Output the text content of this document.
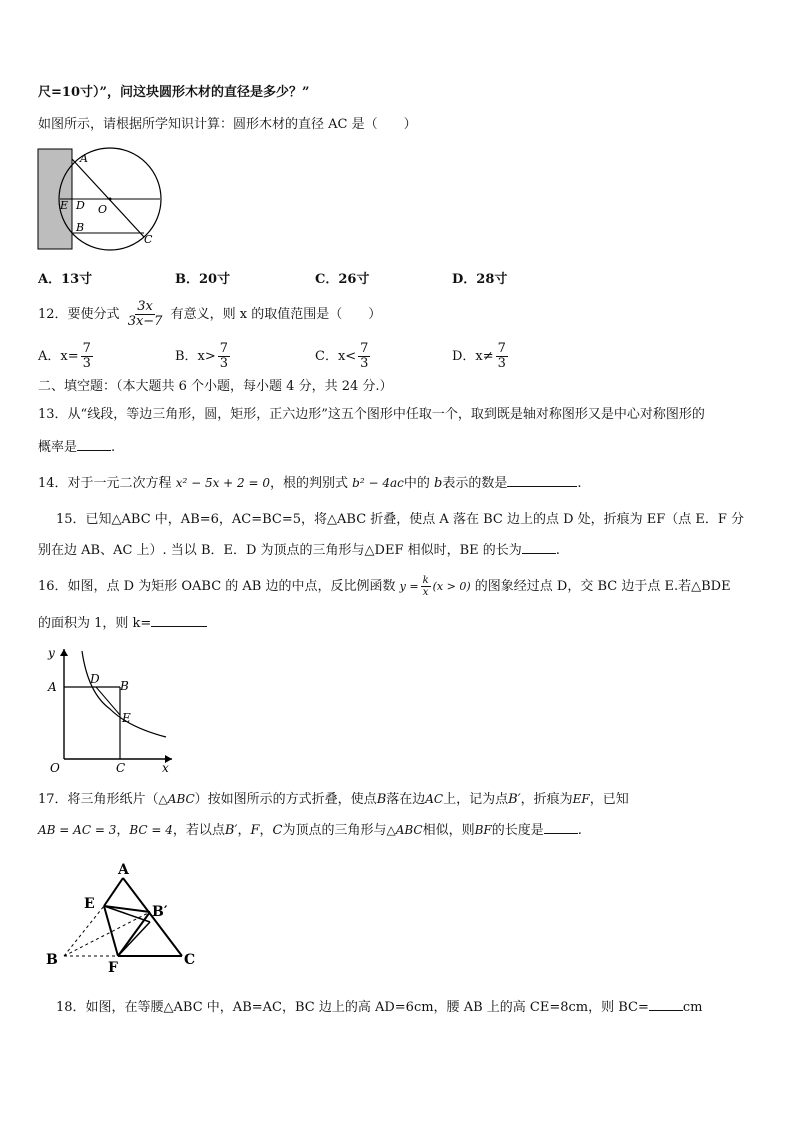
尺=10寸）”，问这块圆形木材的直径是多少？”
如图所示，请根据所学知识计算：圆形木材的直径 AC 是（　　）
A
E D O
B
C
A．13寸	B．20寸	C．26寸	D．28寸
12．要使分式 $\frac{3x}{3x-7}$ 有意义，则 x 的取值范围是（　　）
A．$x= \frac{7}{3}$	B．$x> \frac{7}{3}$	C．$x< \frac{7}{3}$	D．$x\ne \frac{7}{3}$
二、填空题：（本大题共 6 个小题，每小题 4 分，共 24 分.）
13．从“线段，等边三角形，圆，矩形，正六边形”这五个图形中任取一个，取到既是轴对称图形又是中心对称图形的
概率是	.
14．对于一元二次方程 x² − 5x + 2 = 0，根的判别式 b² − 4ac中的 b表示的数是	.
15．已知△ABC 中，AB=6，AC=BC=5，将△ABC 折叠，使点 A 落在 BC 边上的点 D 处，折痕为 EF（点 E．F 分
别在边 AB、AC 上）. 当以 B．E．D 为顶点的三角形与△DEF 相似时，BE 的长为	.
16．如图，点 D 为矩形 OABC 的 AB 边的中点，反比例函数 $y = \frac{k}{x} (x > 0)$ 的图象经过点 D，交 BC 边于点 E.若△BDE
的面积为 1，则 k=
y
A
D B
E
O	C	x
17．将三角形纸片（△ABC）按如图所示的方式折叠，使点B落在边AC上，记为点B′，折痕为EF，已知
AB = AC = 3，BC = 4，若以点B′，F，C为顶点的三角形与△ABC相似，则BF的长度是	.
A
E	B′
B	F	C
18．如图，在等腰△ABC 中，AB=AC，BC 边上的高 AD=6cm，腰 AB 上的高 CE=8cm，则 BC=	cm
